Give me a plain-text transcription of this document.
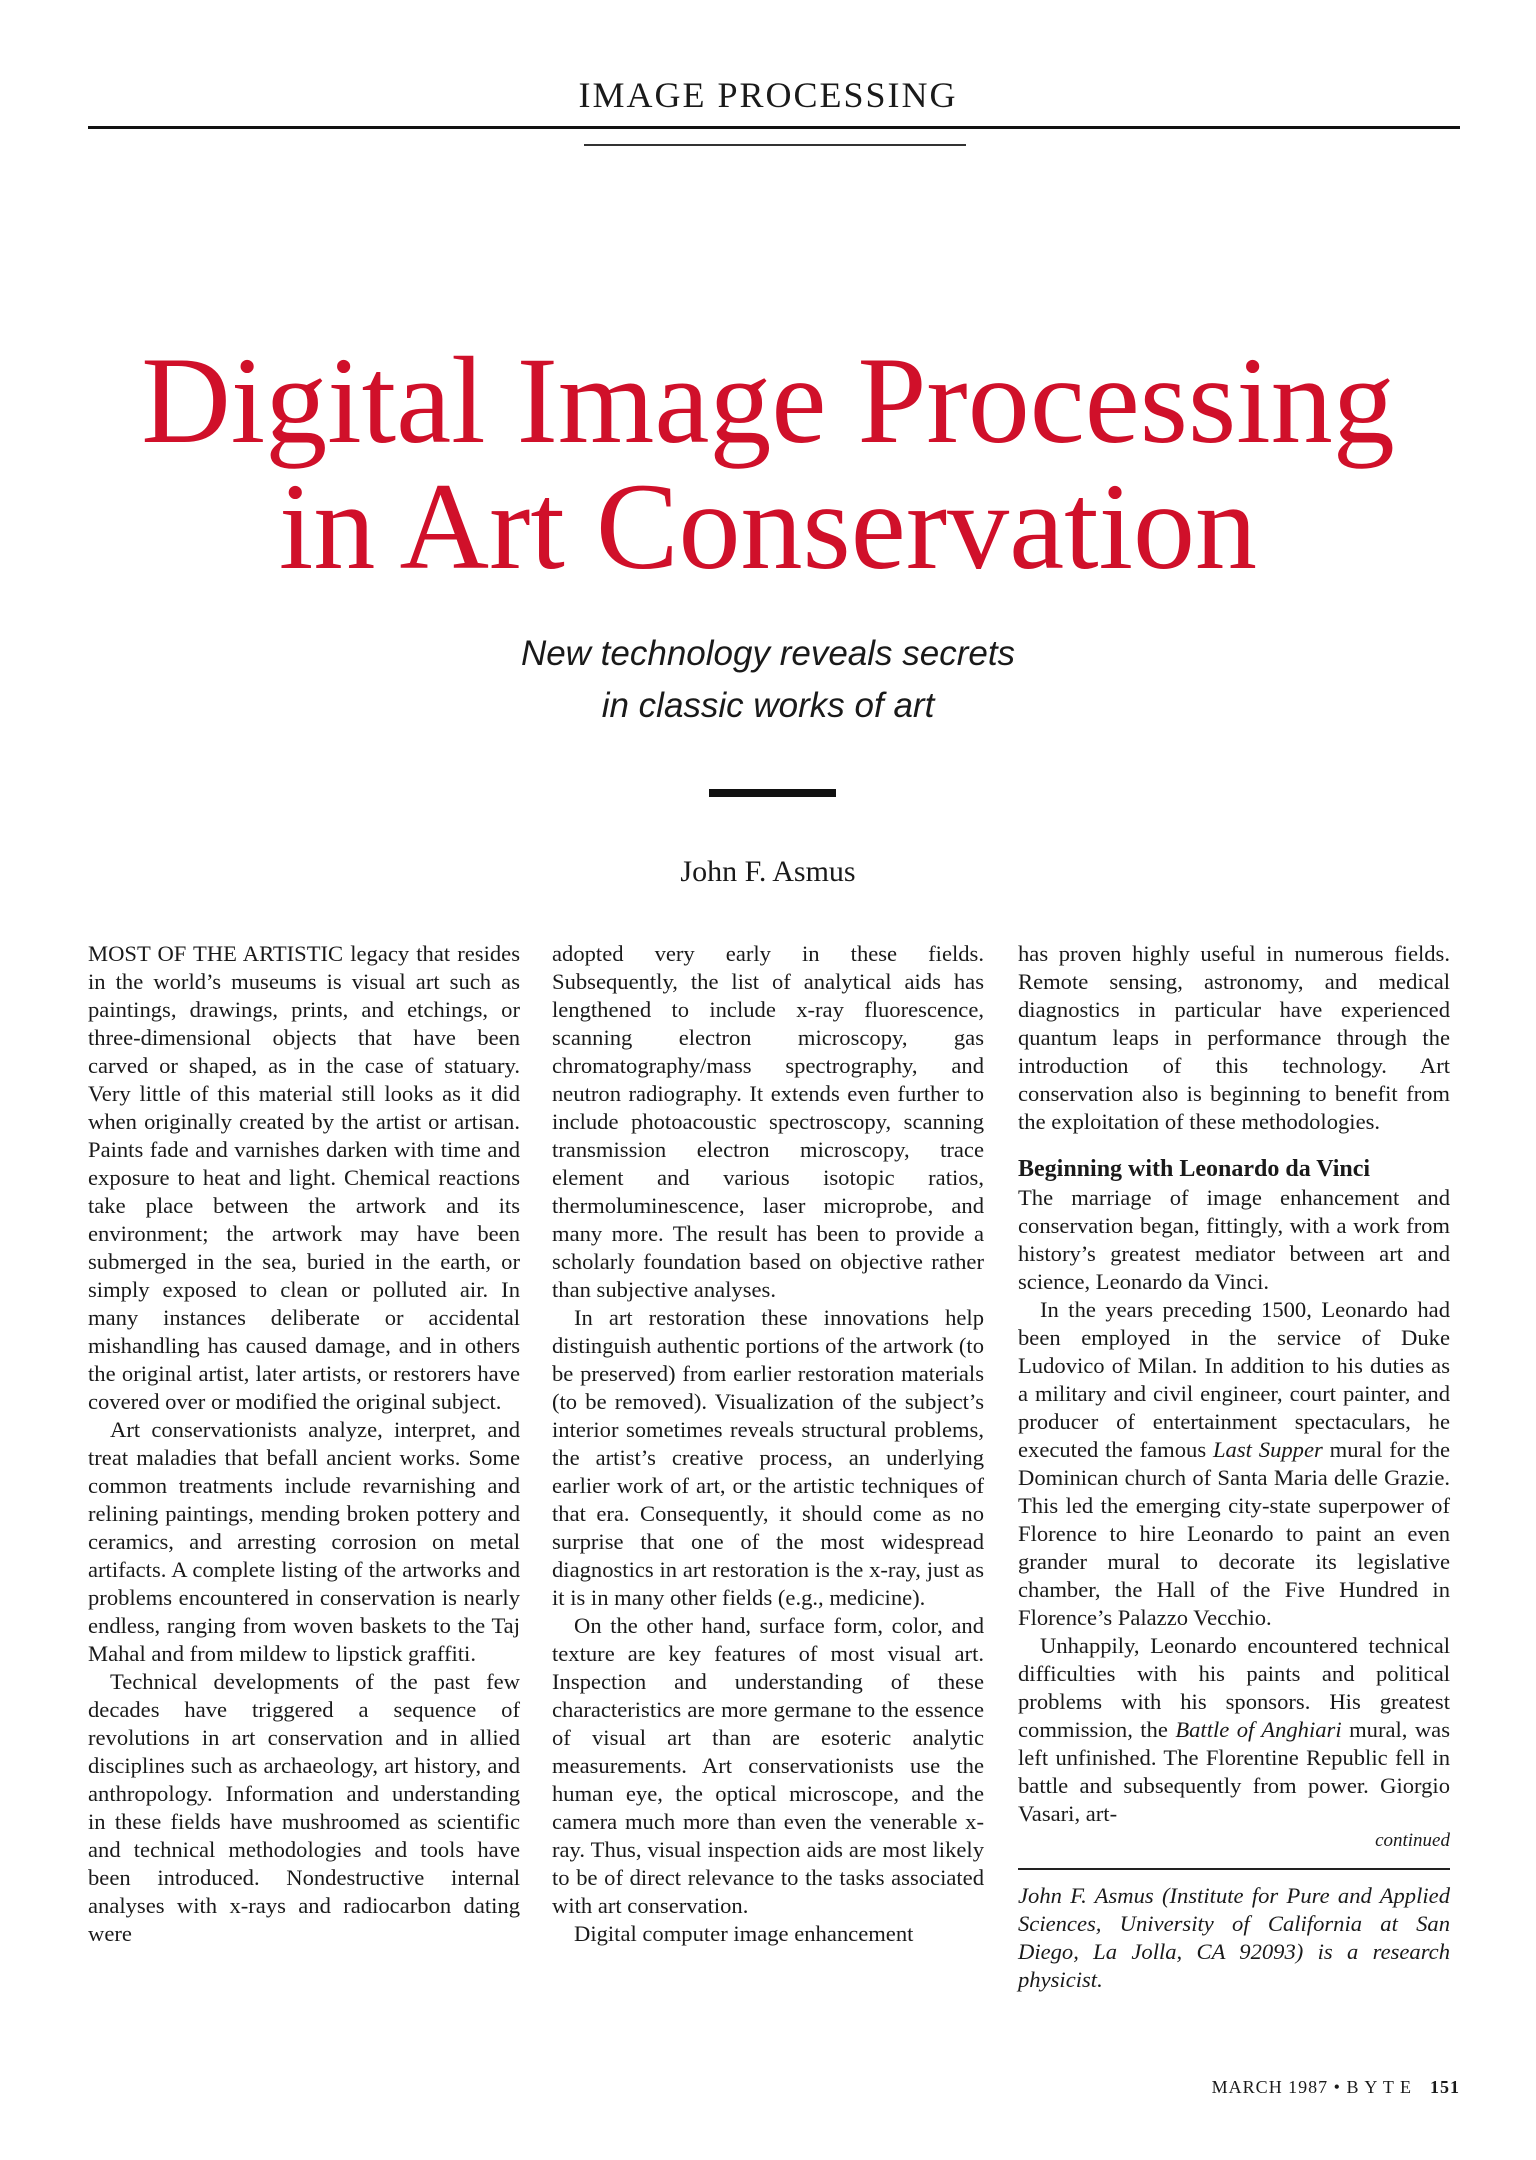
IMAGE PROCESSING
Digital Image Processing
in Art Conservation
New technology reveals secrets
in classic works of art
John F. Asmus

MOST OF THE ARTISTIC legacy that resides in the world’s museums is visual art such as paintings, drawings, prints, and etchings, or three-dimensional objects that have been carved or shaped, as in the case of statuary. Very little of this material still looks as it did when originally created by the artist or artisan. Paints fade and varnishes darken with time and exposure to heat and light. Chemical reactions take place between the artwork and its environment; the artwork may have been submerged in the sea, buried in the earth, or simply exposed to clean or polluted air. In many instances deliberate or accidental mishandling has caused damage, and in others the original artist, later artists, or restorers have covered over or modified the original subject.

Art conservationists analyze, interpret, and treat maladies that befall ancient works. Some common treatments include revarnishing and relining paintings, mending broken pottery and ceramics, and arresting corrosion on metal artifacts. A complete listing of the artworks and problems encountered in conservation is nearly endless, ranging from woven baskets to the Taj Mahal and from mildew to lipstick graffiti.

Technical developments of the past few decades have triggered a sequence of revolutions in art conservation and in allied disciplines such as archaeology, art history, and anthropology. Information and understanding in these fields have mushroomed as scientific and technical methodologies and tools have been introduced. Nondestructive internal analyses with x-rays and radiocarbon dating were

adopted very early in these fields. Subsequently, the list of analytical aids has lengthened to include x-ray fluorescence, scanning electron microscopy, gas chromatography/mass spectrography, and neutron radiography. It extends even further to include photoacoustic spectroscopy, scanning transmission electron microscopy, trace element and various isotopic ratios, thermoluminescence, laser microprobe, and many more. The result has been to provide a scholarly foundation based on objective rather than subjective analyses.

In art restoration these innovations help distinguish authentic portions of the artwork (to be preserved) from earlier restoration materials (to be removed). Visualization of the subject’s interior sometimes reveals structural problems, the artist’s creative process, an underlying earlier work of art, or the artistic techniques of that era. Consequently, it should come as no surprise that one of the most widespread diagnostics in art restoration is the x-ray, just as it is in many other fields (e.g., medicine).

On the other hand, surface form, color, and texture are key features of most visual art. Inspection and understanding of these characteristics are more germane to the essence of visual art than are esoteric analytic measurements. Art conservationists use the human eye, the optical microscope, and the camera much more than even the venerable x-ray. Thus, visual inspection aids are most likely to be of direct relevance to the tasks associated with art conservation.

Digital computer image enhancement

has proven highly useful in numerous fields. Remote sensing, astronomy, and medical diagnostics in particular have experienced quantum leaps in performance through the introduction of this technology. Art conservation also is beginning to benefit from the exploitation of these methodologies.

Beginning with Leonardo da Vinci

The marriage of image enhancement and conservation began, fittingly, with a work from history’s greatest mediator between art and science, Leonardo da Vinci.

In the years preceding 1500, Leonardo had been employed in the service of Duke Ludovico of Milan. In addition to his duties as a military and civil engineer, court painter, and producer of entertainment spectaculars, he executed the famous Last Supper mural for the Dominican church of Santa Maria delle Grazie. This led the emerging city-state superpower of Florence to hire Leonardo to paint an even grander mural to decorate its legislative chamber, the Hall of the Five Hundred in Florence’s Palazzo Vecchio.

Unhappily, Leonardo encountered technical difficulties with his paints and political problems with his sponsors. His greatest commission, the Battle of Anghiari mural, was left unfinished. The Florentine Republic fell in battle and subsequently from power. Giorgio Vasari, art-

continued

John F. Asmus (Institute for Pure and Applied Sciences, University of California at San Diego, La Jolla, CA 92093) is a research physicist.

MARCH 1987 • B Y T E 151
